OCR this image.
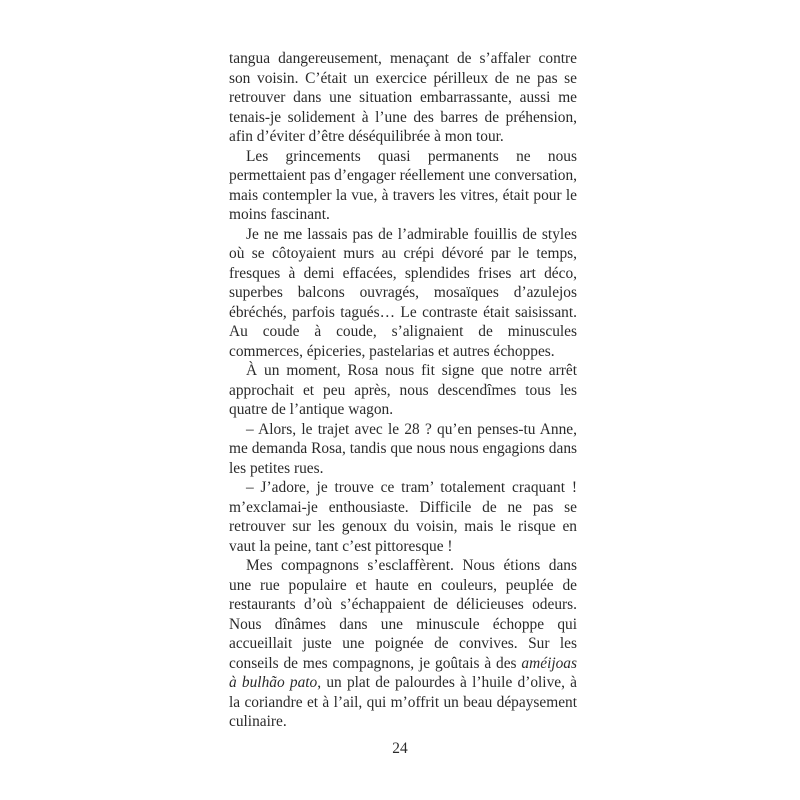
tangua dangereusement, menaçant de s’affaler contre son voisin. C’était un exercice périlleux de ne pas se retrouver dans une situation embarrassante, aussi me tenais-je solidement à l’une des barres de préhension, afin d’éviter d’être déséquilibrée à mon tour.

Les grincements quasi permanents ne nous permettaient pas d’engager réellement une conversation, mais contempler la vue, à travers les vitres, était pour le moins fascinant.

Je ne me lassais pas de l’admirable fouillis de styles où se côtoyaient murs au crépi dévoré par le temps, fresques à demi effacées, splendides frises art déco, superbes balcons ouvragés, mosaïques d’azulejos ébréchés, parfois tagués… Le contraste était saisissant. Au coude à coude, s’alignaient de minuscules commerces, épiceries, pastelarias et autres échoppes.

À un moment, Rosa nous fit signe que notre arrêt approchait et peu après, nous descendîmes tous les quatre de l’antique wagon.

– Alors, le trajet avec le 28 ? qu’en penses-tu Anne, me demanda Rosa, tandis que nous nous engagions dans les petites rues.

– J’adore, je trouve ce tram’ totalement craquant ! m’exclamai-je enthousiaste. Difficile de ne pas se retrouver sur les genoux du voisin, mais le risque en vaut la peine, tant c’est pittoresque !

Mes compagnons s’esclaffèrent. Nous étions dans une rue populaire et haute en couleurs, peuplée de restaurants d’où s’échappaient de délicieuses odeurs. Nous dînâmes dans une minuscule échoppe qui accueillait juste une poignée de convives. Sur les conseils de mes compagnons, je goûtais à des améijoas à bulhão pato, un plat de palourdes à l’huile d’olive, à la coriandre et à l’ail, qui m’offrit un beau dépaysement culinaire.

24
